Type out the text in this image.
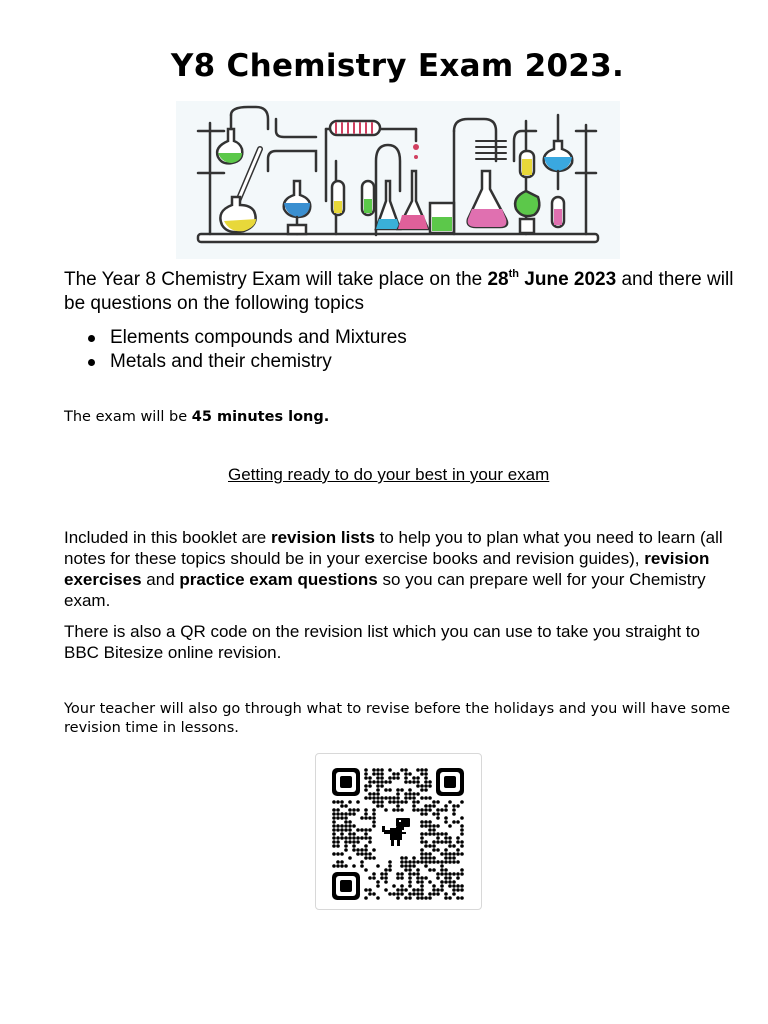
Y8 Chemistry Exam 2023.
The Year 8 Chemistry Exam will take place on the 28th June 2023 and there will be questions on the following topics
Elements compounds and Mixtures
Metals and their chemistry
The exam will be 45 minutes long.
Getting ready to do your best in your exam
Included in this booklet are revision lists to help you to plan what you need to learn (all notes for these topics should be in your exercise books and revision guides), revision exercises and practice exam questions so you can prepare well for your Chemistry exam.
There is also a QR code on the revision list which you can use to take you straight to BBC Bitesize online revision.
Your teacher will also go through what to revise before the holidays and you will have some revision time in lessons.
